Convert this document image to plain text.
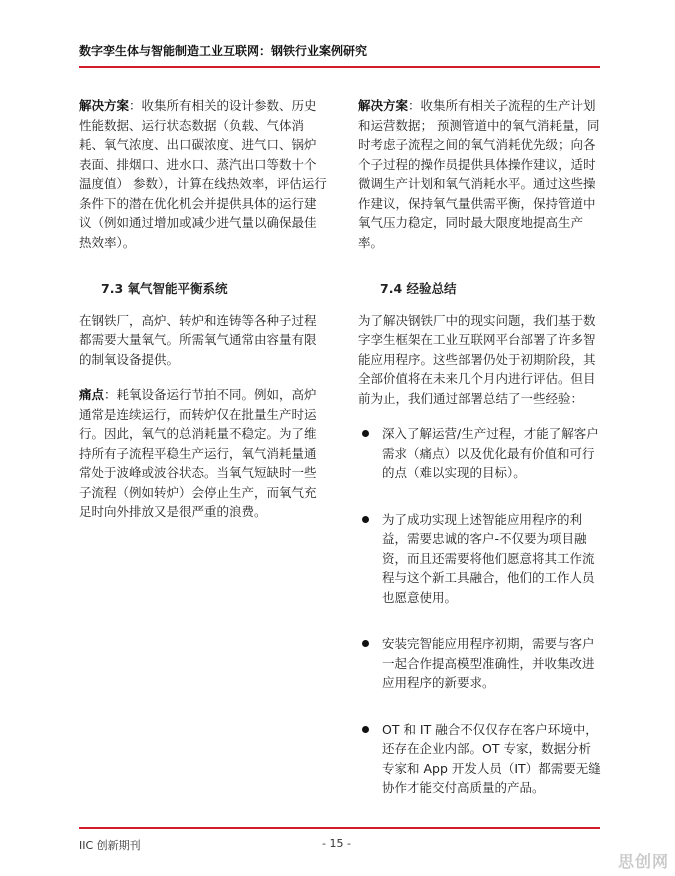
数字孪生体与智能制造工业互联网：钢铁行业案例研究

解决方案：收集所有相关的设计参数、历史性能数据、运行状态数据（负载、气体消耗、氧气浓度、出口碳浓度、进气口、锅炉表面、排烟口、进水口、蒸汽出口等数十个温度值） 参数），计算在线热效率，评估运行条件下的潜在优化机会并提供具体的运行建议（例如通过增加或减少进气量以确保最佳热效率）。

7.3 氧气智能平衡系统

在钢铁厂，高炉、转炉和连铸等各种子过程都需要大量氧气。所需氧气通常由容量有限的制氧设备提供。

痛点：耗氧设备运行节拍不同。例如，高炉通常是连续运行，而转炉仅在批量生产时运行。因此，氧气的总消耗量不稳定。为了维持所有子流程平稳生产运行，氧气消耗量通常处于波峰或波谷状态。当氧气短缺时一些子流程（例如转炉）会停止生产，而氧气充足时向外排放又是很严重的浪费。

解决方案：收集所有相关子流程的生产计划和运营数据； 预测管道中的氧气消耗量，同时考虑子流程之间的氧气消耗优先级；向各个子过程的操作员提供具体操作建议，适时微调生产计划和氧气消耗水平。通过这些操作建议，保持氧气量供需平衡，保持管道中氧气压力稳定，同时最大限度地提高生产率。

7.4 经验总结

为了解决钢铁厂中的现实问题，我们基于数字孪生框架在工业互联网平台部署了许多智能应用程序。这些部署仍处于初期阶段，其全部价值将在未来几个月内进行评估。但目前为止，我们通过部署总结了一些经验：

深入了解运营/生产过程，才能了解客户需求（痛点）以及优化最有价值和可行的点（难以实现的目标）。
为了成功实现上述智能应用程序的利益，需要忠诚的客户-不仅要为项目融资，而且还需要将他们愿意将其工作流程与这个新工具融合，他们的工作人员也愿意使用。
安装完智能应用程序初期，需要与客户一起合作提高模型准确性，并收集改进应用程序的新要求。
OT 和 IT 融合不仅仅存在客户环境中，还存在企业内部。OT 专家，数据分析专家和 App 开发人员（IT）都需要无缝协作才能交付高质量的产品。
IIC 创新期刊	- 15 -
思创网
